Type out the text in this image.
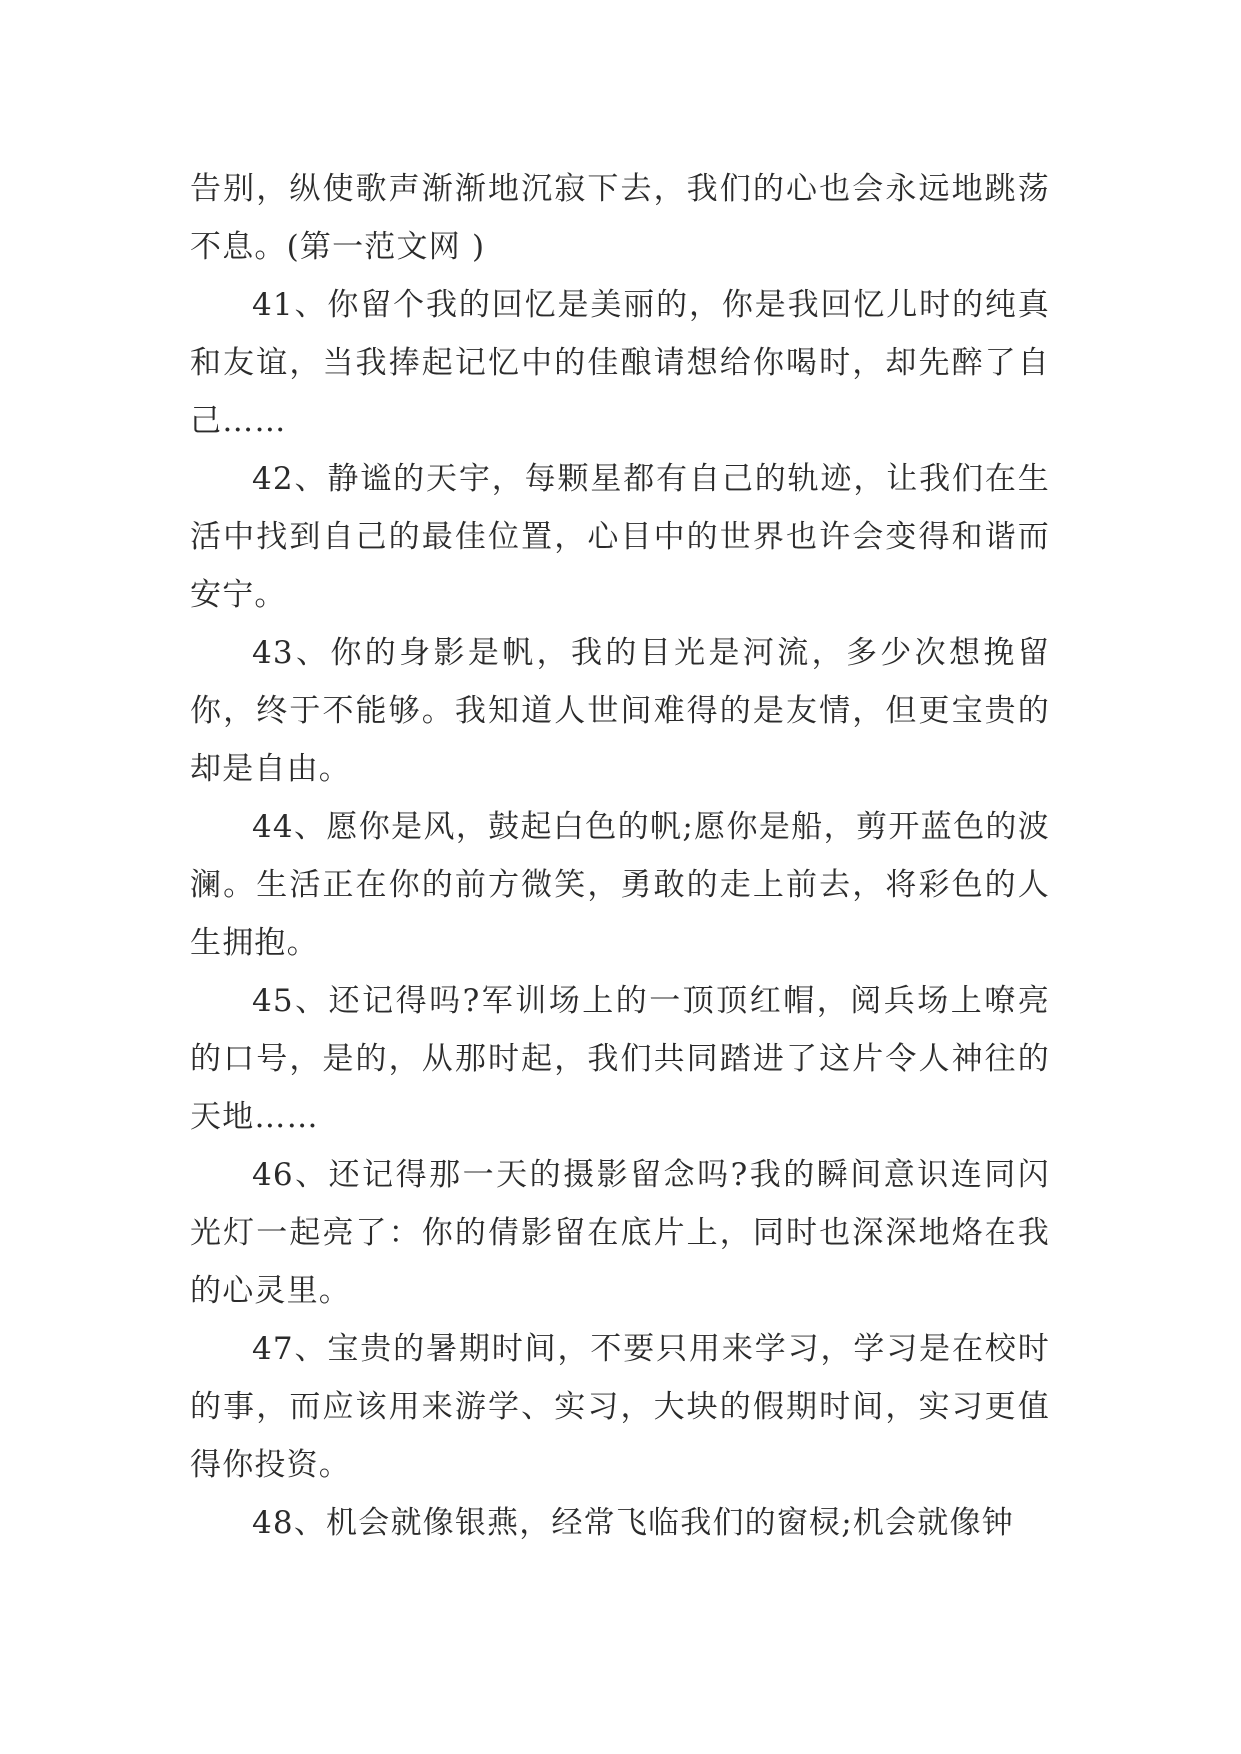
告别，纵使歌声渐渐地沉寂下去，我们的心也会永远地跳荡不息。(第一范文网 )

41、你留个我的回忆是美丽的，你是我回忆儿时的纯真和友谊，当我捧起记忆中的佳酿请想给你喝时，却先醉了自己……

42、静谧的天宇，每颗星都有自己的轨迹，让我们在生活中找到自己的最佳位置，心目中的世界也许会变得和谐而安宁。

43、你的身影是帆，我的目光是河流，多少次想挽留你，终于不能够。我知道人世间难得的是友情，但更宝贵的却是自由。

44、愿你是风，鼓起白色的帆;愿你是船，剪开蓝色的波澜。生活正在你的前方微笑，勇敢的走上前去，将彩色的人生拥抱。

45、还记得吗?军训场上的一顶顶红帽，阅兵场上嘹亮的口号，是的，从那时起，我们共同踏进了这片令人神往的天地……

46、还记得那一天的摄影留念吗?我的瞬间意识连同闪光灯一起亮了：你的倩影留在底片上，同时也深深地烙在我的心灵里。

47、宝贵的暑期时间，不要只用来学习，学习是在校时的事，而应该用来游学、实习，大块的假期时间，实习更值得你投资。

48、机会就像银燕，经常飞临我们的窗棂;机会就像钟
